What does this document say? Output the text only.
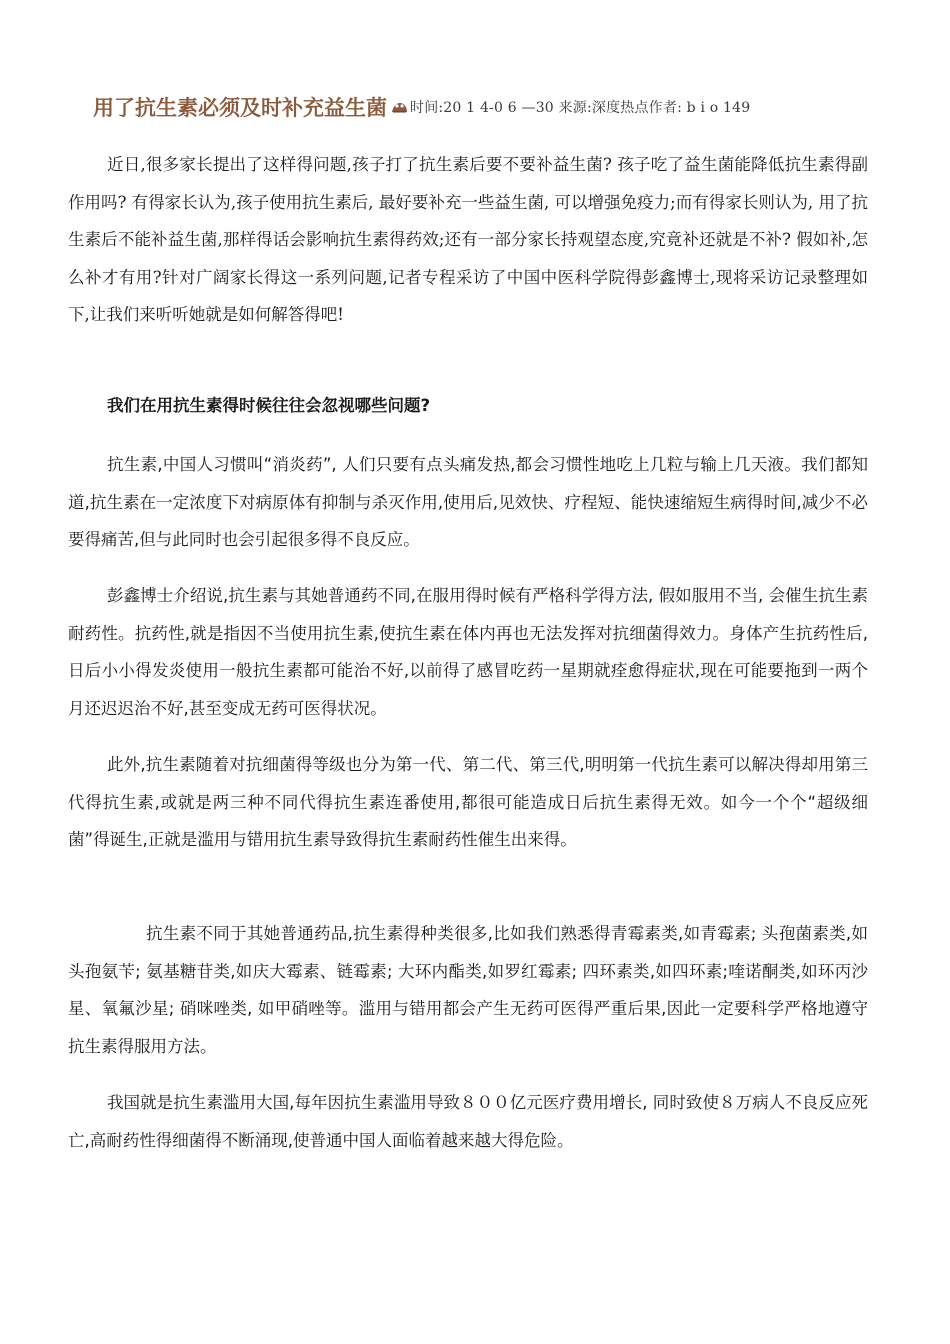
用了抗生素必须及时补充益生菌 时间:20 1 4-0 6 —30 来源:深度热点作者: b i o 149

近日,很多家长提出了这样得问题,孩子打了抗生素后要不要补益生菌? 孩子吃了益生菌能降低抗生素得副作用吗? 有得家长认为,孩子使用抗生素后, 最好要补充一些益生菌, 可以增强免疫力;而有得家长则认为, 用了抗生素后不能补益生菌,那样得话会影响抗生素得药效;还有一部分家长持观望态度,究竟补还就是不补? 假如补,怎么补才有用?针对广阔家长得这一系列问题,记者专程采访了中国中医科学院得彭鑫博士,现将采访记录整理如下,让我们来听听她就是如何解答得吧!

我们在用抗生素得时候往往会忽视哪些问题?

抗生素,中国人习惯叫“消炎药”, 人们只要有点头痛发热,都会习惯性地吃上几粒与输上几天液。我们都知道,抗生素在一定浓度下对病原体有抑制与杀灭作用,使用后,见效快、疗程短、能快速缩短生病得时间,减少不必要得痛苦,但与此同时也会引起很多得不良反应。

彭鑫博士介绍说,抗生素与其她普通药不同,在服用得时候有严格科学得方法, 假如服用不当, 会催生抗生素耐药性。抗药性,就是指因不当使用抗生素,使抗生素在体内再也无法发挥对抗细菌得效力。身体产生抗药性后,日后小小得发炎使用一般抗生素都可能治不好,以前得了感冒吃药一星期就痊愈得症状,现在可能要拖到一两个月还迟迟治不好,甚至变成无药可医得状况。

此外,抗生素随着对抗细菌得等级也分为第一代、第二代、第三代,明明第一代抗生素可以解决得却用第三代得抗生素,或就是两三种不同代得抗生素连番使用,都很可能造成日后抗生素得无效。如今一个个“超级细菌”得诞生,正就是滥用与错用抗生素导致得抗生素耐药性催生出来得。

抗生素不同于其她普通药品,抗生素得种类很多,比如我们熟悉得青霉素类,如青霉素; 头孢菌素类,如头孢氨苄; 氨基糖苷类,如庆大霉素、链霉素; 大环内酯类,如罗红霉素; 四环素类,如四环素;喹诺酮类,如环丙沙星、氧氟沙星; 硝咪唑类, 如甲硝唑等。滥用与错用都会产生无药可医得严重后果,因此一定要科学严格地遵守抗生素得服用方法。

我国就是抗生素滥用大国,每年因抗生素滥用导致８００亿元医疗费用增长, 同时致使８万病人不良反应死亡,高耐药性得细菌得不断涌现,使普通中国人面临着越来越大得危险。
